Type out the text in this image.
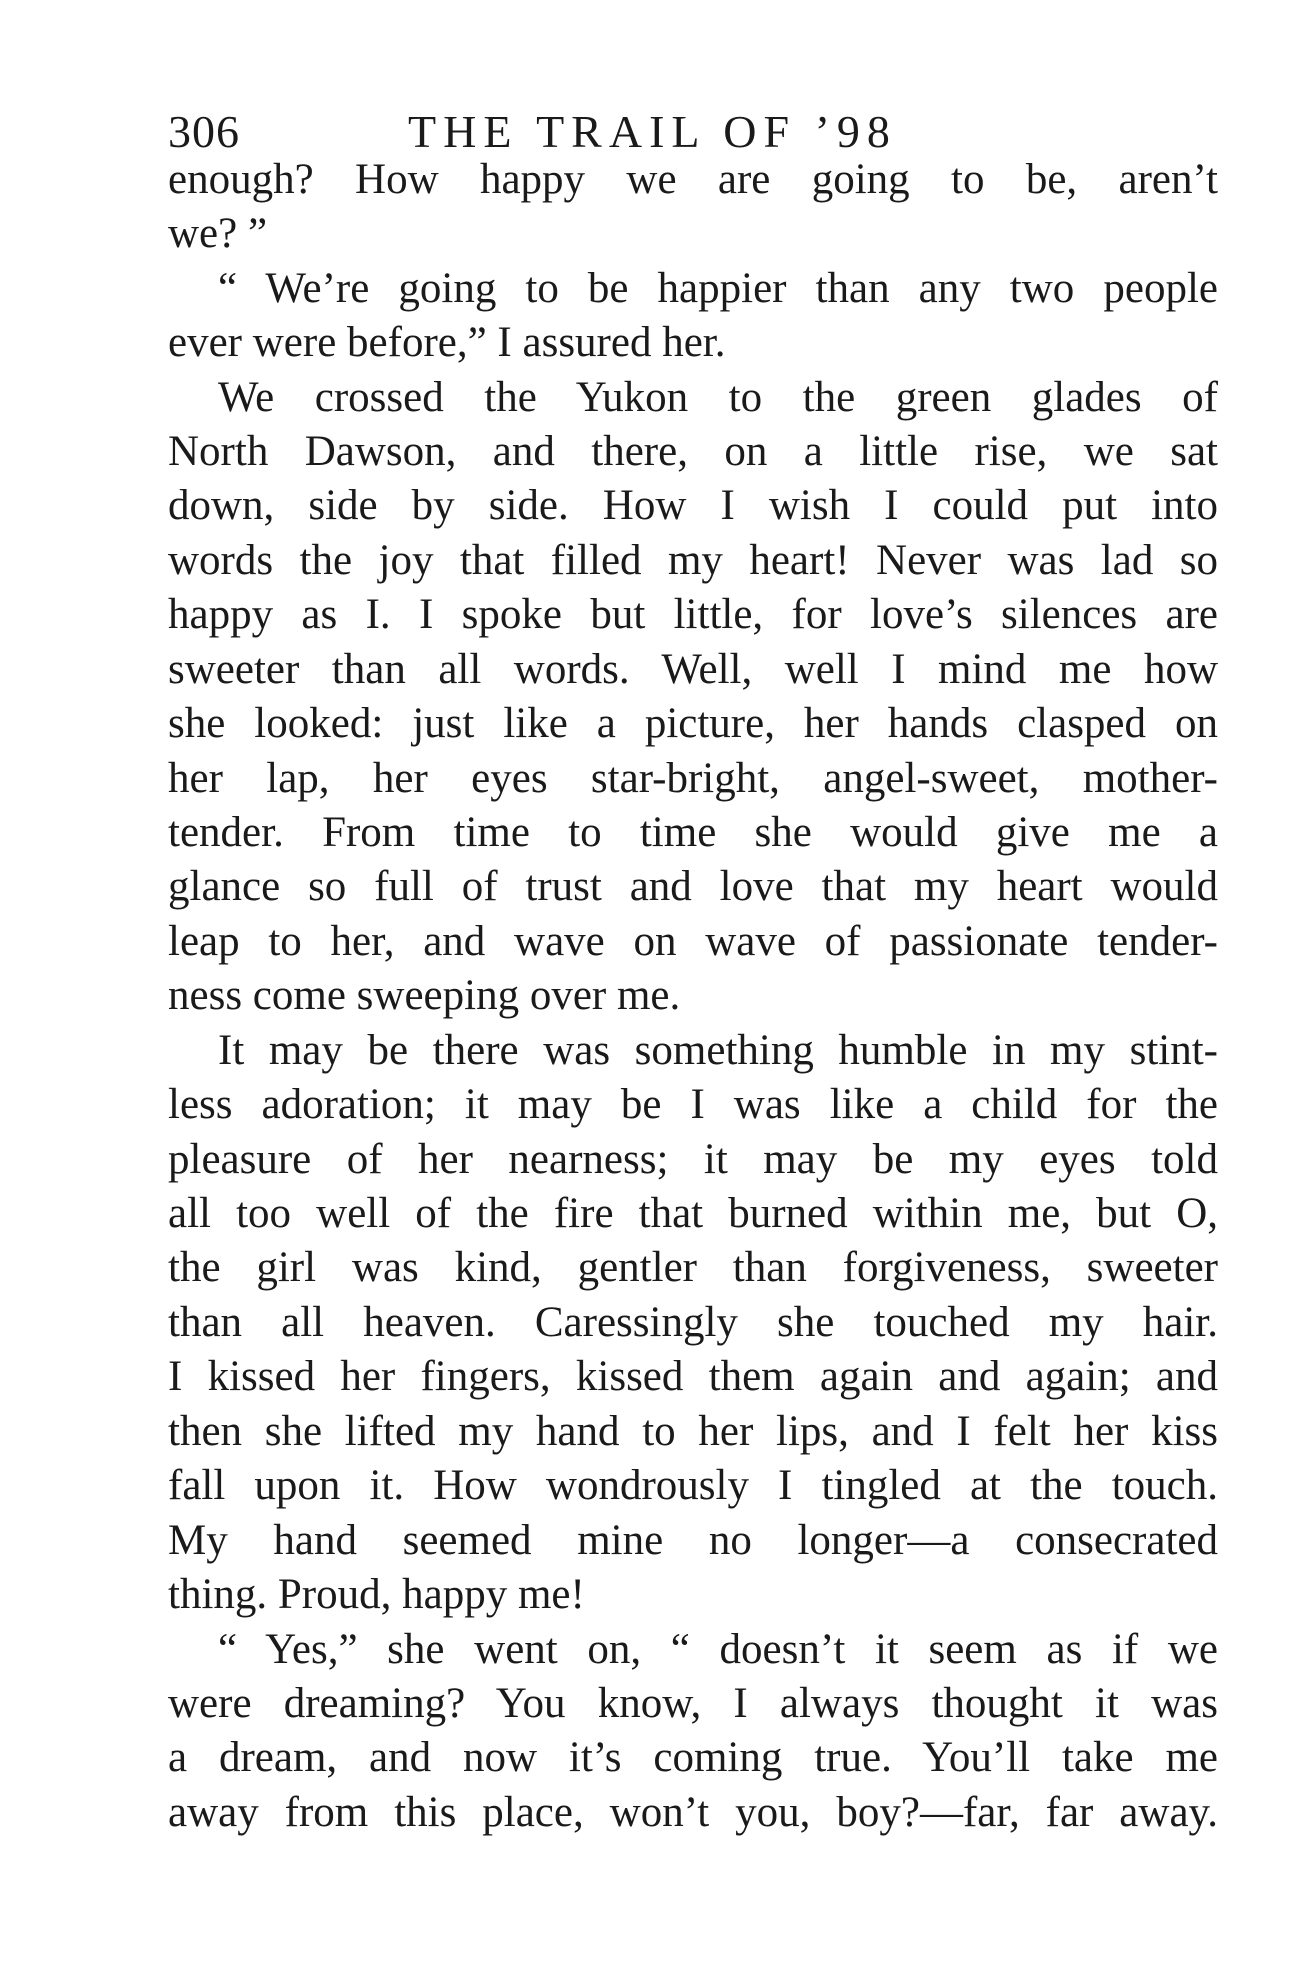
306	THE TRAIL OF ’98
enough? How happy we are going to be, aren’t
we? ”
“ We’re going to be happier than any two people
ever were before,” I assured her.
We crossed the Yukon to the green glades of
North Dawson, and there, on a little rise, we sat
down, side by side. How I wish I could put into
words the joy that filled my heart! Never was lad so
happy as I. I spoke but little, for love’s silences are
sweeter than all words. Well, well I mind me how
she looked: just like a picture, her hands clasped on
her lap, her eyes star-bright, angel-sweet, mother-
tender. From time to time she would give me a
glance so full of trust and love that my heart would
leap to her, and wave on wave of passionate tender-
ness come sweeping over me.
It may be there was something humble in my stint-
less adoration; it may be I was like a child for the
pleasure of her nearness; it may be my eyes told
all too well of the fire that burned within me, but O,
the girl was kind, gentler than forgiveness, sweeter
than all heaven. Caressingly she touched my hair.
I kissed her fingers, kissed them again and again; and
then she lifted my hand to her lips, and I felt her kiss
fall upon it. How wondrously I tingled at the touch.
My hand seemed mine no longer—a consecrated
thing. Proud, happy me!
“ Yes,” she went on, “ doesn’t it seem as if we
were dreaming? You know, I always thought it was
a dream, and now it’s coming true. You’ll take me
away from this place, won’t you, boy?—far, far away.
